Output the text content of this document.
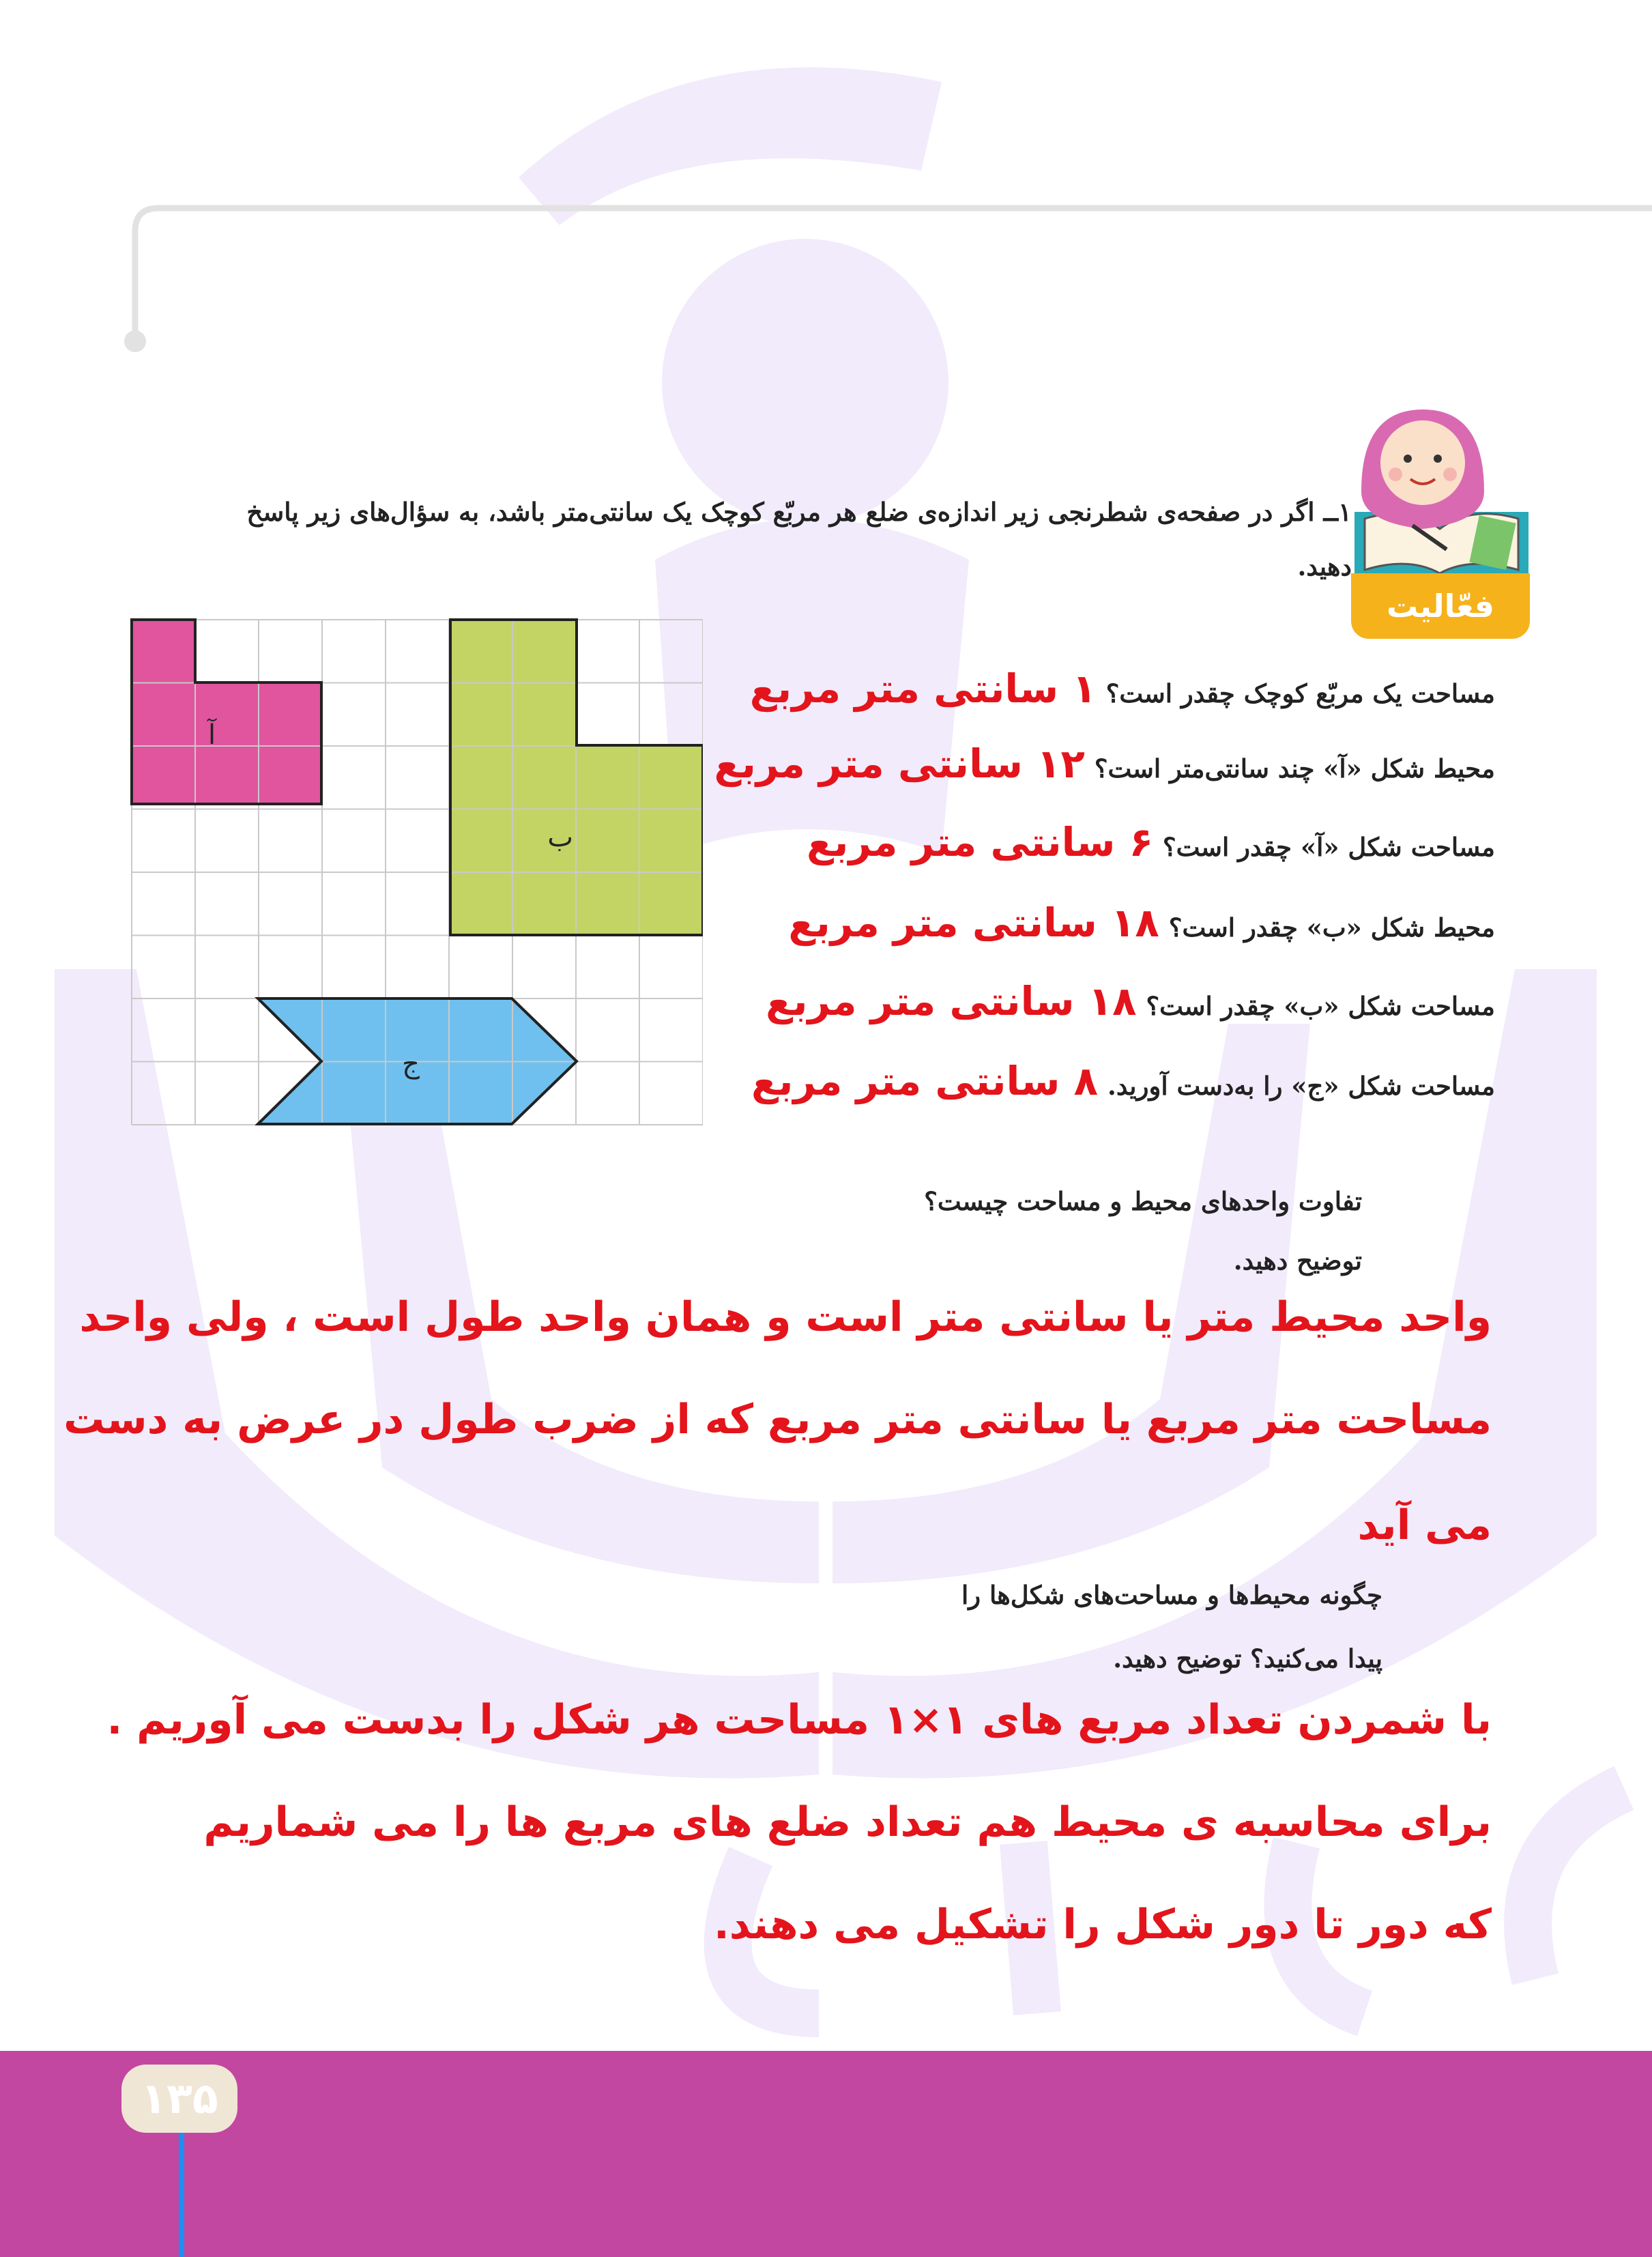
فعّالیت
۱ــ اگر در صفحه‌ی شطرنجی زیر اندازه‌ی ضلع هر مربّع کوچک یک سانتی‌متر باشد، به سؤال‌های زیر پاسخ
دهید.
آ
ب
ج
مساحت یک مربّع کوچک چقدر است؟
۱ سانتی متر مربع
محیط شکل «آ» چند سانتی‌متر است؟
۱۲ سانتی متر مربع
مساحت شکل «آ» چقدر است؟
۶ سانتی متر مربع
محیط شکل «ب» چقدر است؟
۱۸ سانتی متر مربع
مساحت شکل «ب» چقدر است؟
۱۸ سانتی متر مربع
مساحت شکل «ج» را به‌دست آورید.
۸ سانتی متر مربع
تفاوت واحدهای محیط و مساحت چیست؟
توضیح دهید.
واحد محیط متر یا سانتی متر است و همان واحد طول است ، ولی واحد
مساحت متر مربع یا سانتی متر مربع که از ضرب طول در عرض به دست
می آید
چگونه محیط‌ها و مساحت‌های شکل‌ها را
پیدا می‌کنید؟ توضیح دهید.
با شمردن تعداد مربع های ۱×۱ مساحت هر شکل را بدست می آوریم .
برای محاسبه ی محیط هم تعداد ضلع های مربع ها را می شماریم
که دور تا دور شکل را تشکیل می دهند.
۱۳۵
